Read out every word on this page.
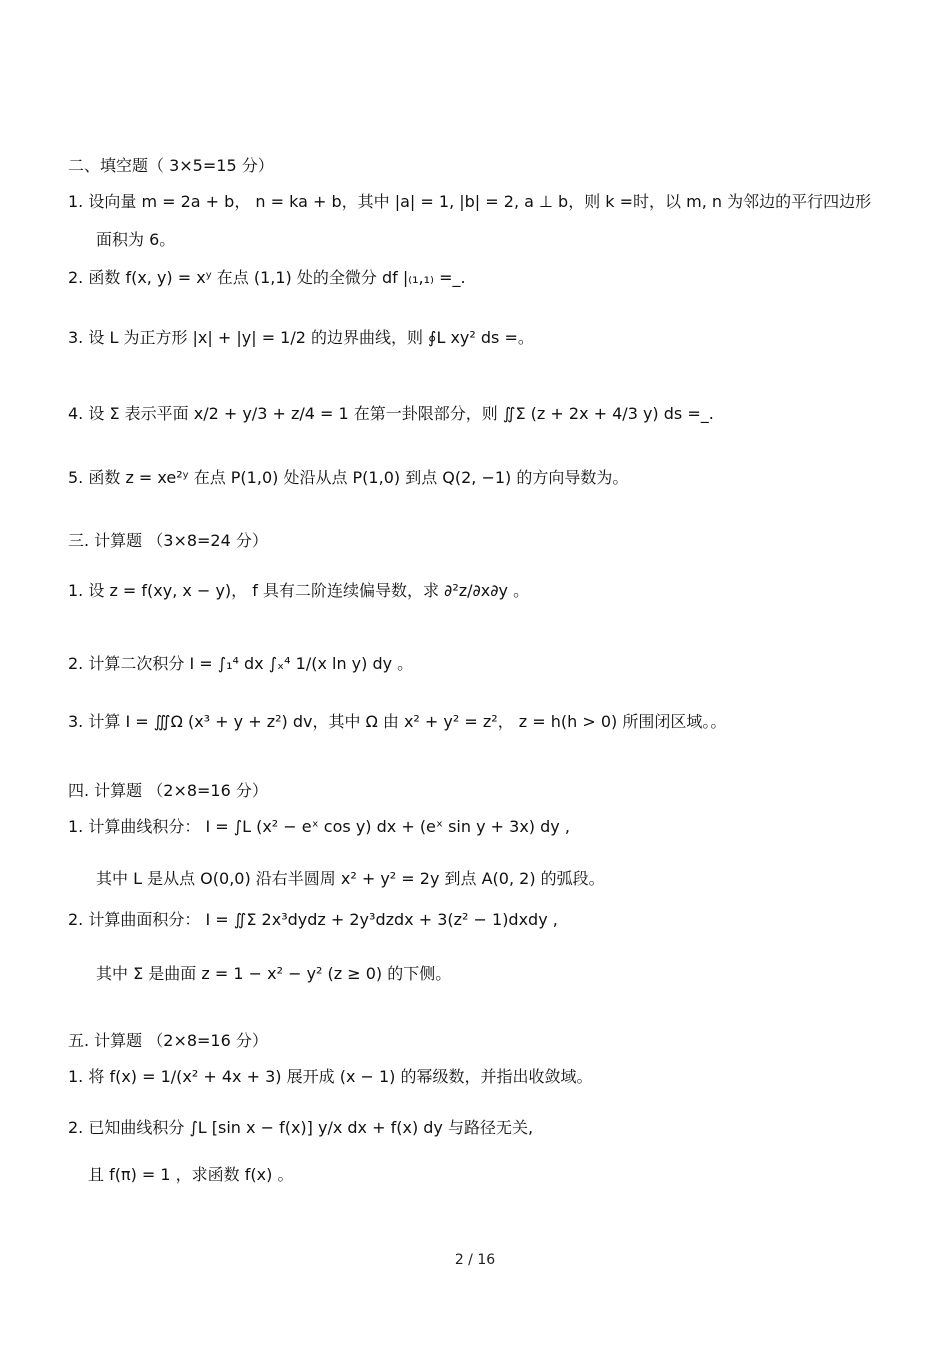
二、填空题（ 3×5=15 分）
1. 设向量 m = 2a + b， n = ka + b，其中 |a| = 1, |b| = 2, a ⊥ b，则 k =时，以 m, n 为邻边的平行四边形
面积为 6。
2. 函数 f(x, y) = xʸ 在点 (1,1) 处的全微分 df |₍₁,₁₎ =_.
3. 设 L 为正方形 |x| + |y| = 1/2 的边界曲线，则 ∮L xy² ds =。
4. 设 Σ 表示平面 x/2 + y/3 + z/4 = 1 在第一卦限部分，则 ∬Σ (z + 2x + 4/3 y) ds =_.
5. 函数 z = xe²ʸ 在点 P(1,0) 处沿从点 P(1,0) 到点 Q(2, −1) 的方向导数为。
三. 计算题 （3×8=24 分）
1. 设 z = f(xy, x − y)， f 具有二阶连续偏导数，求 ∂²z/∂x∂y 。
2. 计算二次积分 I = ∫₁⁴ dx ∫ₓ⁴ 1/(x ln y) dy 。
3. 计算 I = ∭Ω (x³ + y + z²) dv，其中 Ω 由 x² + y² = z²， z = h(h > 0) 所围闭区域。。
四. 计算题 （2×8=16 分）
1. 计算曲线积分： I = ∫L (x² − eˣ cos y) dx + (eˣ sin y + 3x) dy ,
其中 L 是从点 O(0,0) 沿右半圆周 x² + y² = 2y 到点 A(0, 2) 的弧段。
2. 计算曲面积分： I = ∬Σ 2x³dydz + 2y³dzdx + 3(z² − 1)dxdy ,
其中 Σ 是曲面 z = 1 − x² − y² (z ≥ 0) 的下侧。
五. 计算题 （2×8=16 分）
1. 将 f(x) = 1/(x² + 4x + 3) 展开成 (x − 1) 的幂级数，并指出收敛域。
2. 已知曲线积分 ∫L [sin x − f(x)] y/x dx + f(x) dy 与路径无关,
且 f(π) = 1 ，求函数 f(x) 。
2 / 16
